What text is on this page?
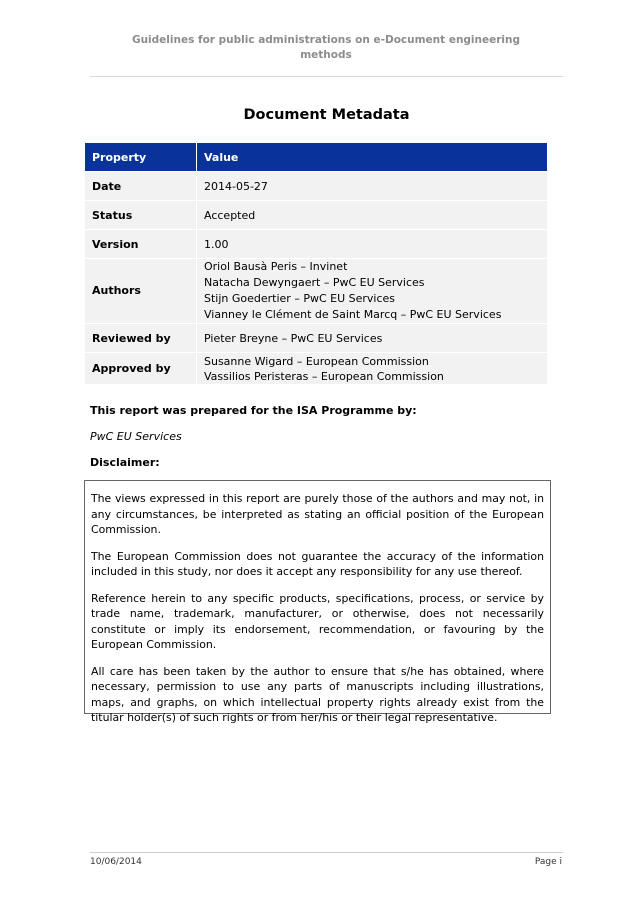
Guidelines for public administrations on e-Document engineering
methods
Document Metadata
Property	Value
Date	2014-05-27
Status	Accepted
Version	1.00
Authors	Oriol Bausà Peris – Invinet
Natacha Dewyngaert – PwC EU Services
Stijn Goedertier – PwC EU Services
Vianney le Clément de Saint Marcq – PwC EU Services

Reviewed by	Pieter Breyne – PwC EU Services
Approved by	Susanne Wigard – European Commission
Vassilios Peristeras – European Commission
This report was prepared for the ISA Programme by:
PwC EU Services
Disclaimer:

The views expressed in this report are purely those of the authors and may not, in any circumstances, be interpreted as stating an official position of the European Commission.

The European Commission does not guarantee the accuracy of the information included in this study, nor does it accept any responsibility for any use thereof.

Reference herein to any specific products, specifications, process, or service by trade name, trademark, manufacturer, or otherwise, does not necessarily constitute or imply its endorsement, recommendation, or favouring by the European Commission.

All care has been taken by the author to ensure that s/he has obtained, where necessary, permission to use any parts of manuscripts including illustrations, maps, and graphs, on which intellectual property rights already exist from the titular holder(s) of such rights or from her/his or their legal representative.

10/06/2014	Page i
